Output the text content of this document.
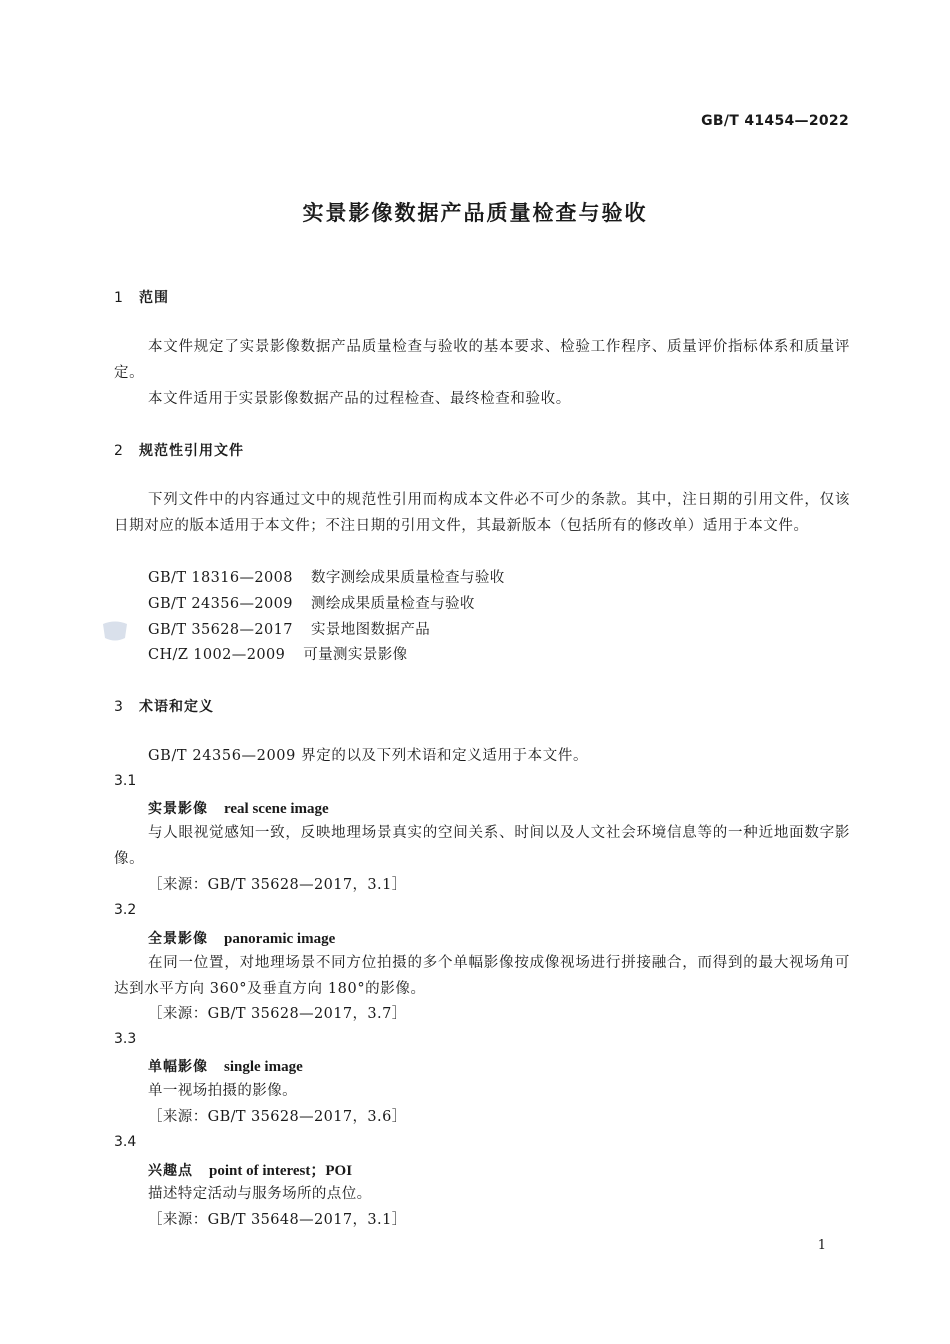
GB/T 41454—2022
实景影像数据产品质量检查与验收
1 范围
本文件规定了实景影像数据产品质量检查与验收的基本要求、检验工作程序、质量评价指标体系和质量评定。
本文件适用于实景影像数据产品的过程检查、最终检查和验收。
2 规范性引用文件
下列文件中的内容通过文中的规范性引用而构成本文件必不可少的条款。其中，注日期的引用文件，仅该日期对应的版本适用于本文件；不注日期的引用文件，其最新版本（包括所有的修改单）适用于本文件。
GB/T 18316—2008 数字测绘成果质量检查与验收
GB/T 24356—2009 测绘成果质量检查与验收
GB/T 35628—2017 实景地图数据产品
CH/Z 1002—2009 可量测实景影像
3 术语和定义
GB/T 24356—2009 界定的以及下列术语和定义适用于本文件。
3.1
实景影像 real scene image
与人眼视觉感知一致，反映地理场景真实的空间关系、时间以及人文社会环境信息等的一种近地面数字影像。
［来源：GB/T 35628—2017，3.1］
3.2
全景影像 panoramic image
在同一位置，对地理场景不同方位拍摄的多个单幅影像按成像视场进行拼接融合，而得到的最大视场角可达到水平方向 360°及垂直方向 180°的影像。
［来源：GB/T 35628—2017，3.7］
3.3
单幅影像 single image
单一视场拍摄的影像。
［来源：GB/T 35628—2017，3.6］
3.4
兴趣点 point of interest；POI
描述特定活动与服务场所的点位。
［来源：GB/T 35648—2017，3.1］
1
